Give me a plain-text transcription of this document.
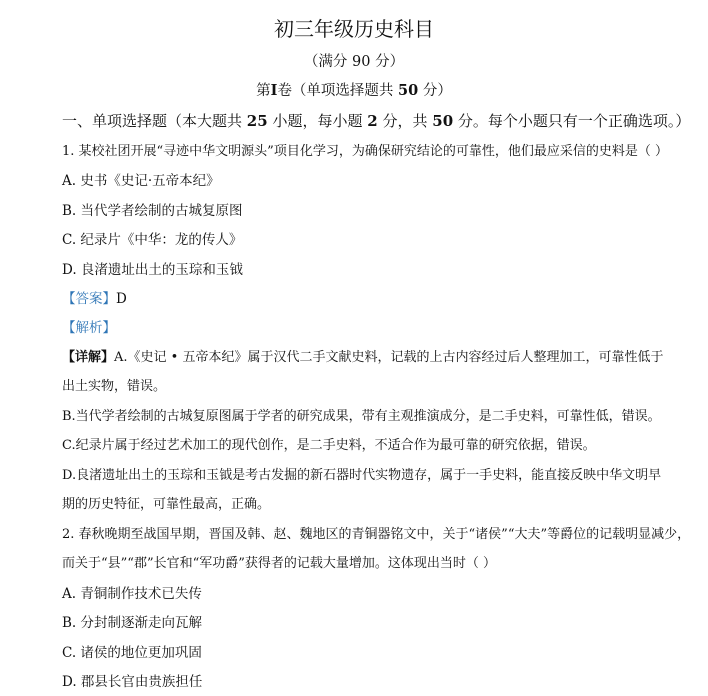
初三年级历史科目
（满分 90 分）
第I卷（单项选择题共 50 分）
一、单项选择题（本大题共 25 小题，每小题 2 分，共 50 分。每个小题只有一个正确选项。）
1. 某校社团开展“寻迹中华文明源头”项目化学习，为确保研究结论的可靠性，他们最应采信的史料是（ ）
A. 史书《史记·五帝本纪》
B. 当代学者绘制的古城复原图
C. 纪录片《中华：龙的传人》
D. 良渚遗址出土的玉琮和玉钺
【答案】D
【解析】
【详解】A.《史记 • 五帝本纪》属于汉代二手文献史料，记载的上古内容经过后人整理加工，可靠性低于
出土实物，错误。
B.当代学者绘制的古城复原图属于学者的研究成果，带有主观推演成分，是二手史料，可靠性低，错误。
C.纪录片属于经过艺术加工的现代创作，是二手史料，不适合作为最可靠的研究依据，错误。
D.良渚遗址出土的玉琮和玉钺是考古发掘的新石器时代实物遗存，属于一手史料，能直接反映中华文明早
期的历史特征，可靠性最高，正确。
2. 春秋晚期至战国早期，晋国及韩、赵、魏地区的青铜器铭文中，关于“诸侯”“大夫”等爵位的记载明显减少，
而关于“县”“郡”长官和“军功爵”获得者的记载大量增加。这体现出当时（ ）
A. 青铜制作技术已失传
B. 分封制逐渐走向瓦解
C. 诸侯的地位更加巩固
D. 郡县长官由贵族担任
